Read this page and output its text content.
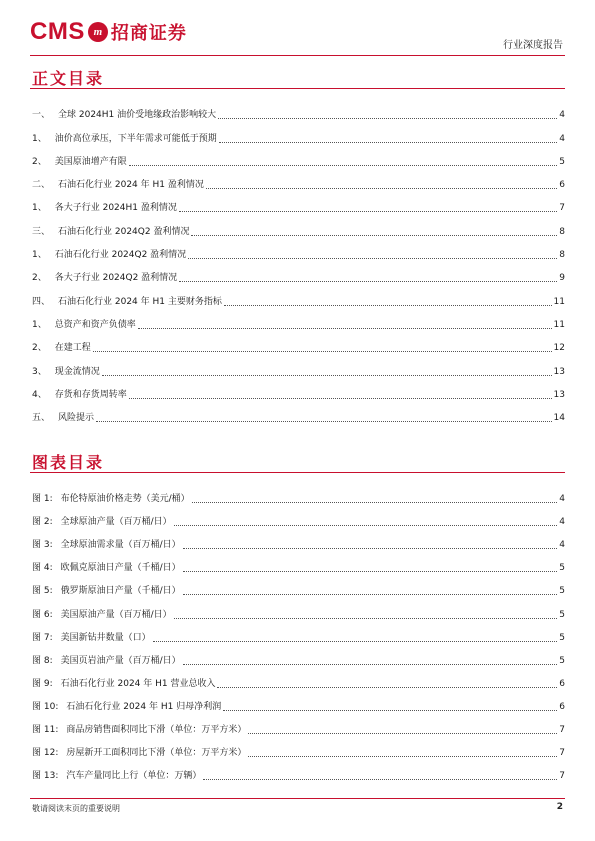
CMS m 招商证券
行业深度报告
正文目录
一、 全球 2024H1 油价受地缘政治影响较大	4
1、 油价高位承压，下半年需求可能低于预期	4
2、 美国原油增产有限	5
二、 石油石化行业 2024 年 H1 盈利情况	6
1、 各大子行业 2024H1 盈利情况	7
三、 石油石化行业 2024Q2 盈利情况	8
1、 石油石化行业 2024Q2 盈利情况	8
2、 各大子行业 2024Q2 盈利情况	9
四、 石油石化行业 2024 年 H1 主要财务指标	11
1、 总资产和资产负债率	11
2、 在建工程	12
3、 现金流情况	13
4、 存货和存货周转率	13
五、 风险提示	14
图表目录
图 1: 布伦特原油价格走势（美元/桶）	4
图 2: 全球原油产量（百万桶/日）	4
图 3: 全球原油需求量（百万桶/日）	4
图 4: 欧佩克原油日产量（千桶/日）	5
图 5: 俄罗斯原油日产量（千桶/日）	5
图 6: 美国原油产量（百万桶/日）	5
图 7: 美国新钻井数量（口）	5
图 8: 美国页岩油产量（百万桶/日）	5
图 9: 石油石化行业 2024 年 H1 营业总收入	6
图 10: 石油石化行业 2024 年 H1 归母净利润	6
图 11: 商品房销售面积同比下滑（单位：万平方米）	7
图 12: 房屋新开工面积同比下滑（单位：万平方米）	7
图 13: 汽车产量同比上行（单位：万辆）	7
敬请阅读末页的重要说明	2
